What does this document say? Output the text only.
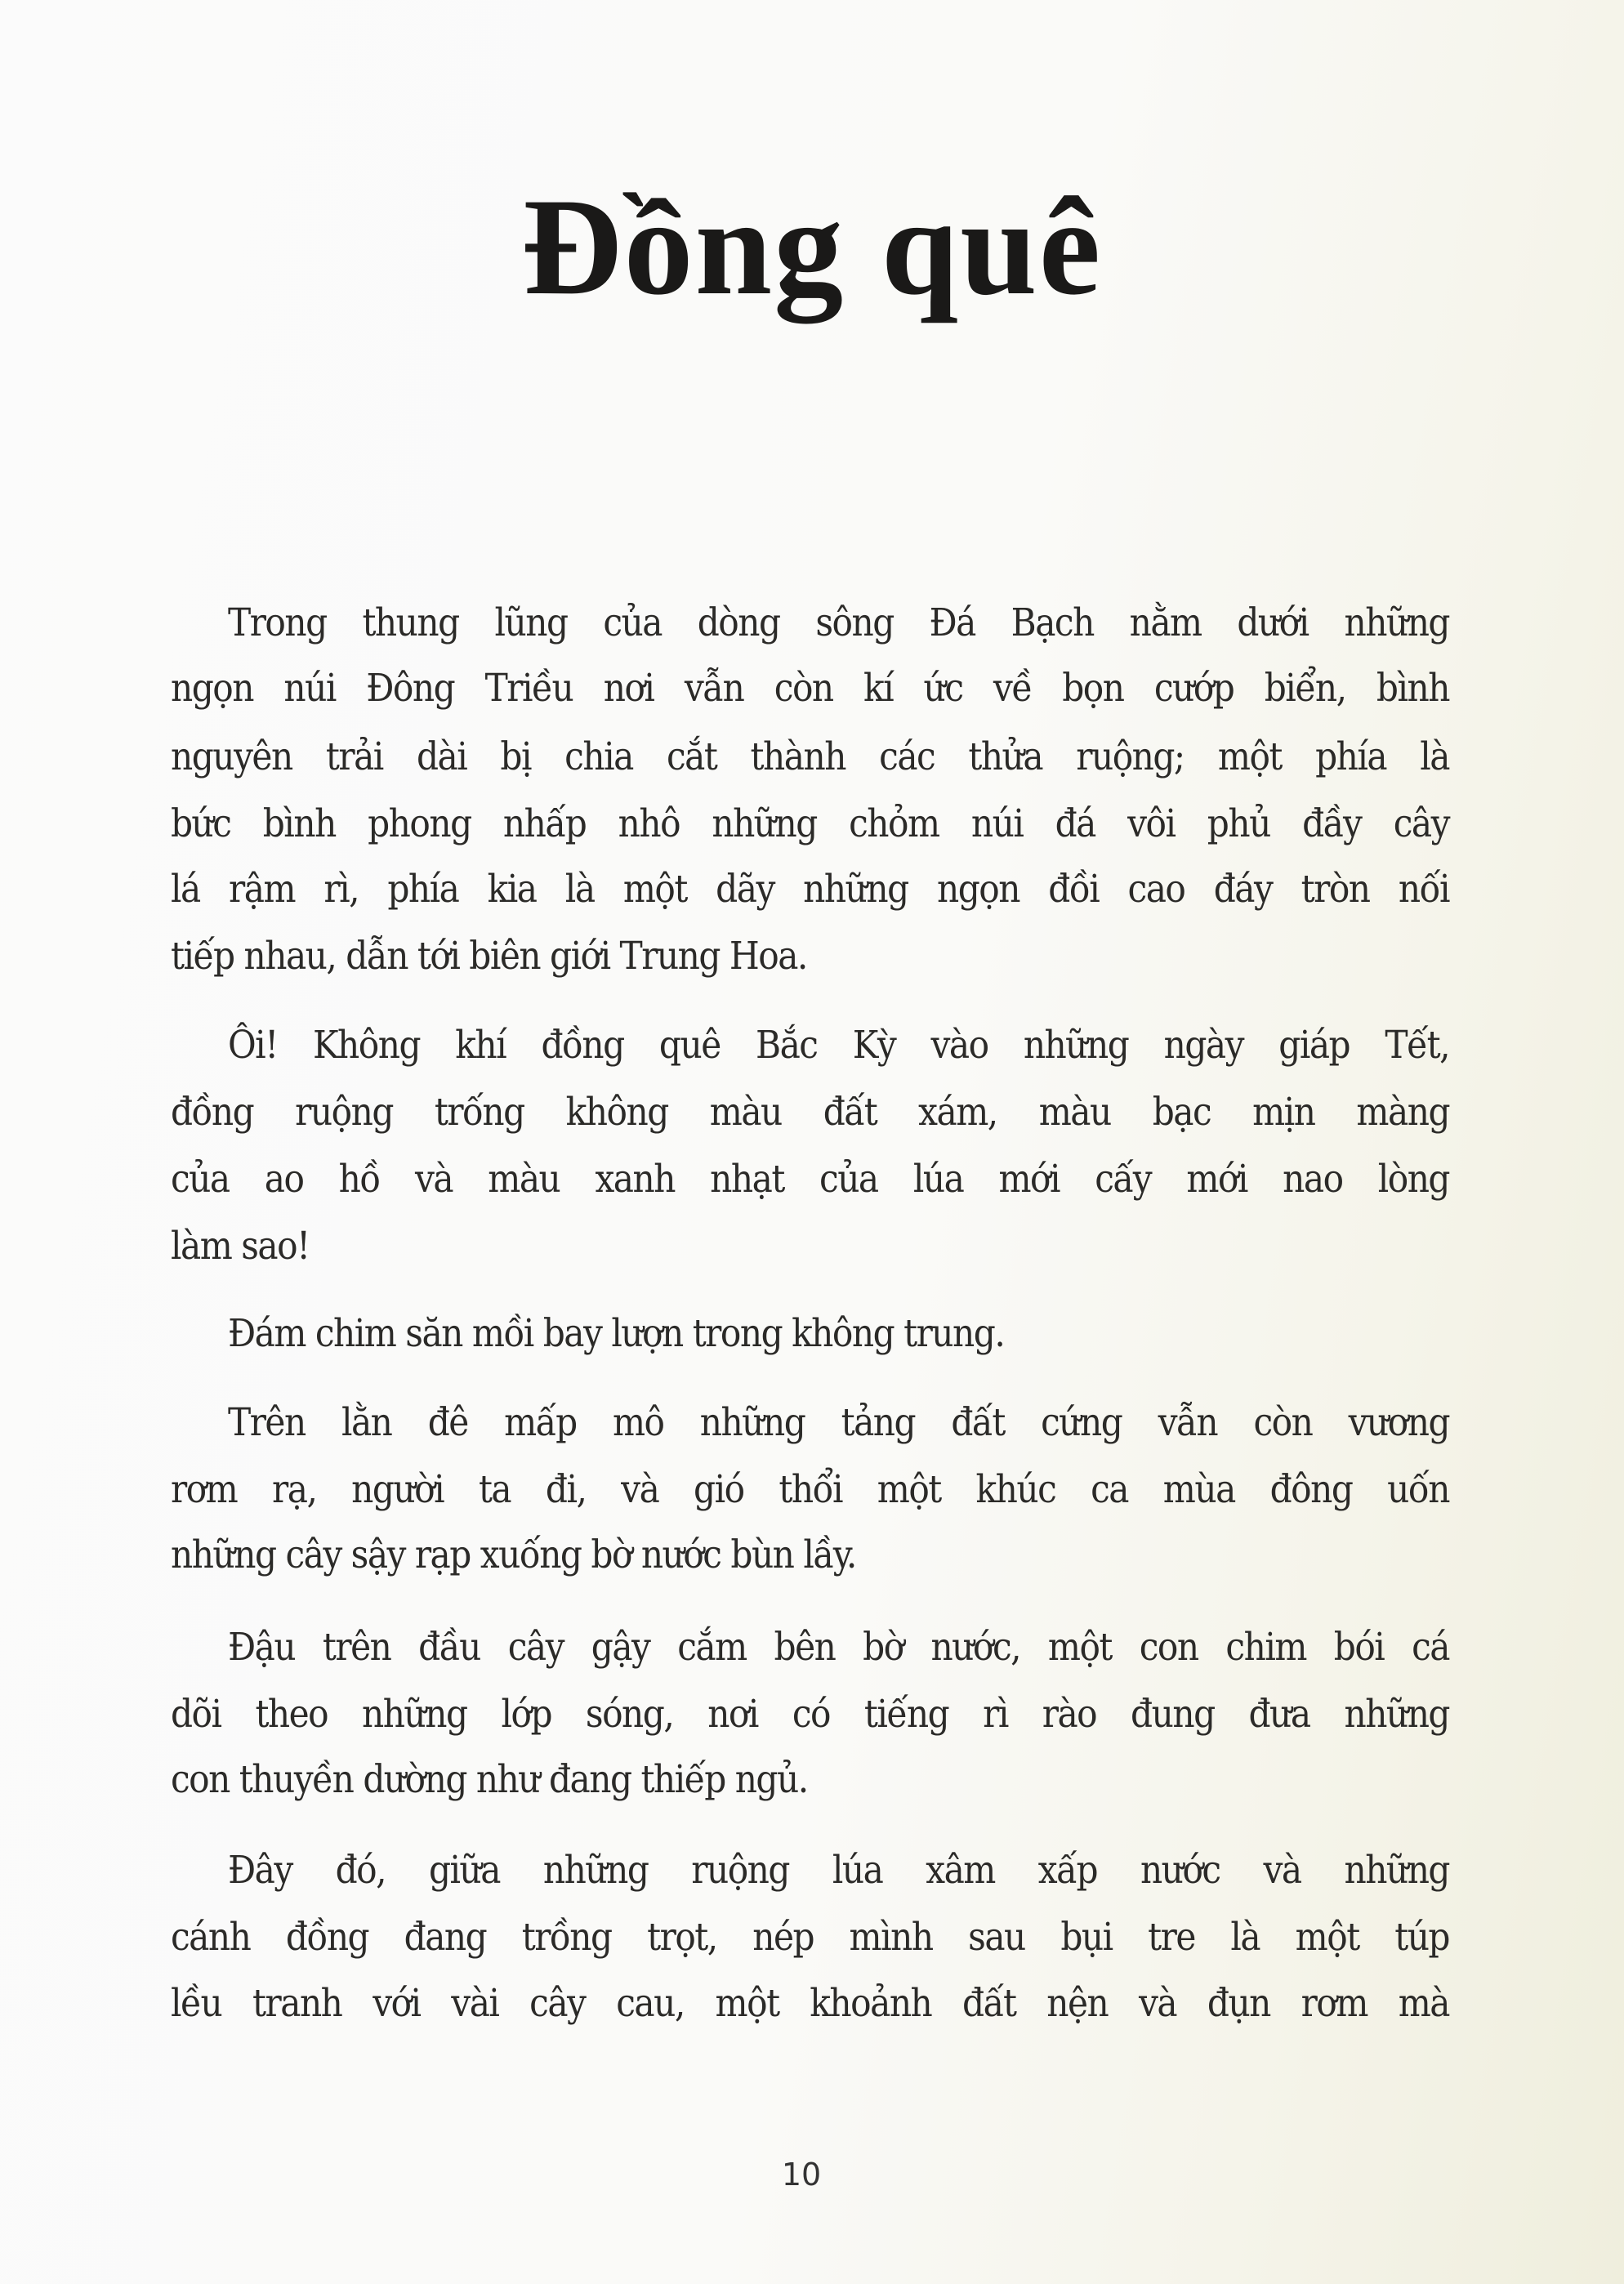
Đồng quê
Trong thung lũng của dòng sông Đá Bạch nằm dưới những
ngọn núi Đông Triều nơi vẫn còn kí ức về bọn cướp biển, bình
nguyên trải dài bị chia cắt thành các thửa ruộng; một phía là
bức bình phong nhấp nhô những chỏm núi đá vôi phủ đầy cây
lá rậm rì, phía kia là một dãy những ngọn đồi cao đáy tròn nối
tiếp nhau, dẫn tới biên giới Trung Hoa.
Ôi! Không khí đồng quê Bắc Kỳ vào những ngày giáp Tết,
đồng ruộng trống không màu đất xám, màu bạc mịn màng
của ao hồ và màu xanh nhạt của lúa mới cấy mới nao lòng
làm sao!
Đám chim săn mồi bay lượn trong không trung.
Trên lằn đê mấp mô những tảng đất cứng vẫn còn vương
rơm rạ, người ta đi, và gió thổi một khúc ca mùa đông uốn
những cây sậy rạp xuống bờ nước bùn lầy.
Đậu trên đầu cây gậy cắm bên bờ nước, một con chim bói cá
dõi theo những lớp sóng, nơi có tiếng rì rào đung đưa những
con thuyền dường như đang thiếp ngủ.
Đây đó, giữa những ruộng lúa xâm xấp nước và những
cánh đồng đang trồng trọt, nép mình sau bụi tre là một túp
lều tranh với vài cây cau, một khoảnh đất nện và đụn rơm mà
10
